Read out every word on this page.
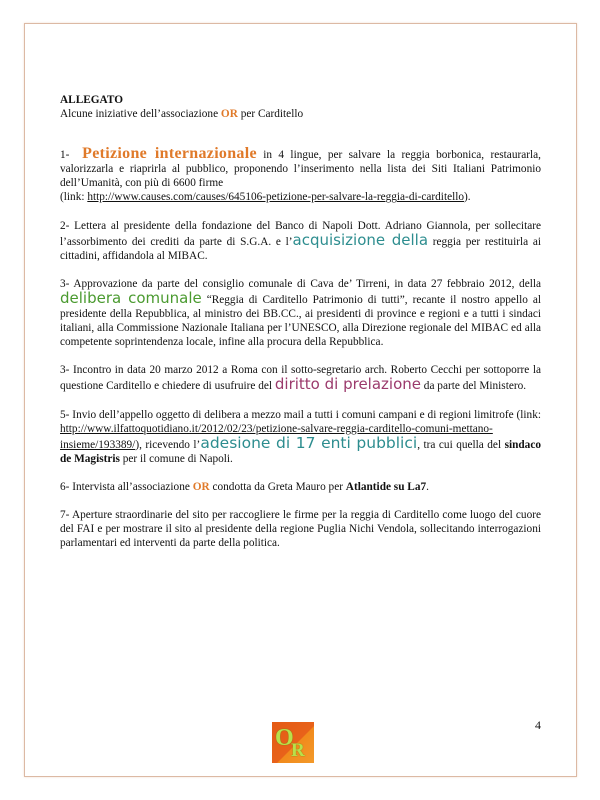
ALLEGATO

Alcune iniziative dell’associazione OR per Carditello

1- Petizione internazionale in 4 lingue, per salvare la reggia borbonica, restaurarla, valorizzarla e riaprirla al pubblico, proponendo l’inserimento nella lista dei Siti Italiani Patrimonio dell’Umanità, con più di 6600 firme
(link: http://www.causes.com/causes/645106-petizione-per-salvare-la-reggia-di-carditello).

2- Lettera al presidente della fondazione del Banco di Napoli Dott. Adriano Giannola, per sollecitare l’assorbimento dei crediti da parte di S.G.A. e l’acquisizione della reggia per restituirla ai cittadini, affidandola al MIBAC.

3- Approvazione da parte del consiglio comunale di Cava de’ Tirreni, in data 27 febbraio 2012, della delibera comunale “Reggia di Carditello Patrimonio di tutti”, recante il nostro appello al presidente della Repubblica, al ministro dei BB.CC., ai presidenti di province e regioni e a tutti i sindaci italiani, alla Commissione Nazionale Italiana per l’UNESCO, alla Direzione regionale del MIBAC ed alla competente soprintendenza locale, infine alla procura della Repubblica.

3- Incontro in data 20 marzo 2012 a Roma con il sotto-segretario arch. Roberto Cecchi per sottoporre la questione Carditello e chiedere di usufruire del diritto di prelazione da parte del Ministero.

5- Invio dell’appello oggetto di delibera a mezzo mail a tutti i comuni campani e di regioni limitrofe (link: http://www.ilfattoquotidiano.it/2012/02/23/petizione-salvare-reggia-carditello-comuni-mettano-insieme/193389/), ricevendo l’adesione di 17 enti pubblici, tra cui quella del sindaco de Magistris per il comune di Napoli.

6- Intervista all’associazione OR condotta da Greta Mauro per Atlantide su La7.

7- Aperture straordinarie del sito per raccogliere le firme per la reggia di Carditello come luogo del cuore del FAI e per mostrare il sito al presidente della regione Puglia Nichi Vendola, sollecitando interrogazioni parlamentari ed interventi da parte della politica.

O
R
4
